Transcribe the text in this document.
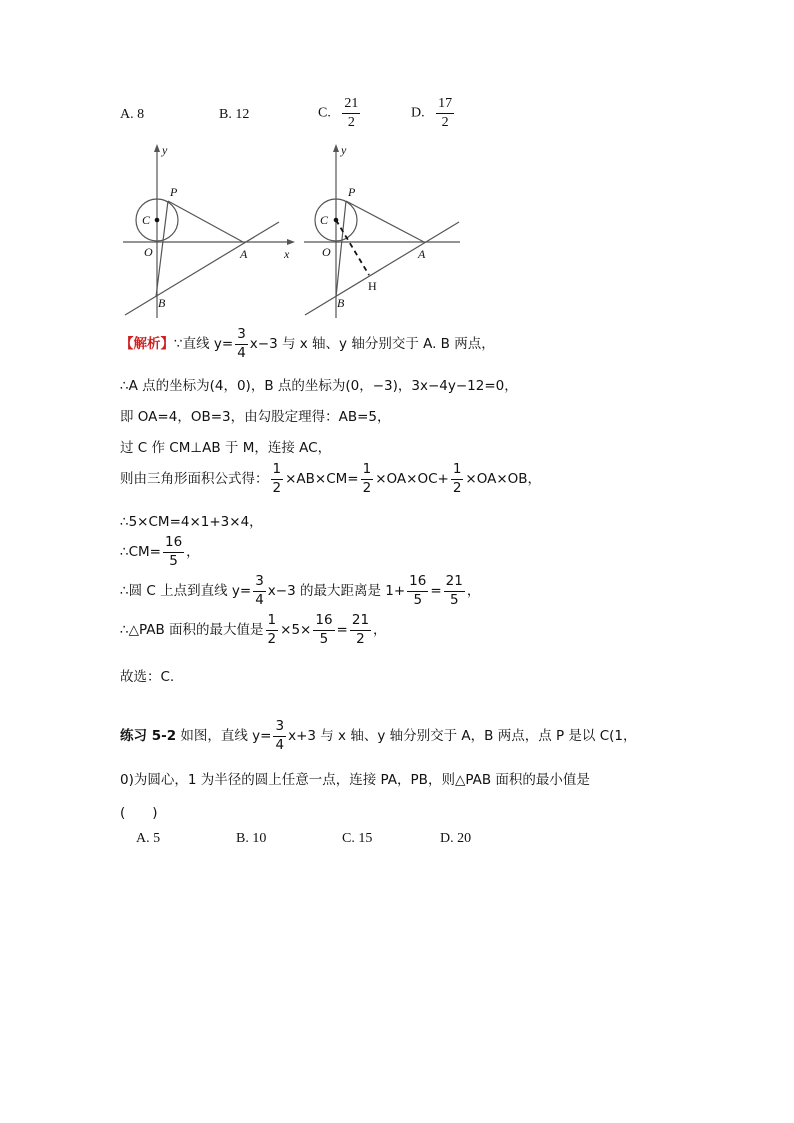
A. 8	B. 12	C. $\frac{21}{2}$	D. $\frac{17}{2}$
y
x
P
C
O	A
B
y
P
C
O	A
H
B
【解析】∵直线 $y= \frac{3}{4} x-3$ 与 x 轴、y 轴分别交于 A. B 两点，
∴A 点的坐标为(4，0)，B 点的坐标为(0，−3)，3x−4y−12=0，
即 OA=4，OB=3，由勾股定理得：AB=5，
过 C 作 CM⊥AB 于 M，连接 AC，
则由三角形面积公式得： $\frac{1}{2} \times AB\times CM= \frac{1}{2} \times OA\times OC+ \frac{1}{2} \times OA\times OB$，
∴5×CM=4×1+3×4，
∴CM= $\frac{16}{5}$ ，
∴圆 C 上点到直线 $y= \frac{3}{4} x-3$ 的最大距离是 $1+ \frac{16}{5} = \frac{21}{5}$ ，
∴△PAB 面积的最大值是 $\frac{1}{2} \times 5\times \frac{16}{5} = \frac{21}{2}$ ，
故选：C.
练习 5-2 如图，直线 $y= \frac{3}{4} x+3$ 与 x 轴、y 轴分别交于 A，B 两点，点 P 是以 C(1，
0)为圆心，1 为半径的圆上任意一点，连接 PA，PB，则△PAB 面积的最小值是
(　　)
A. 5	B. 10	C. 15	D. 20
